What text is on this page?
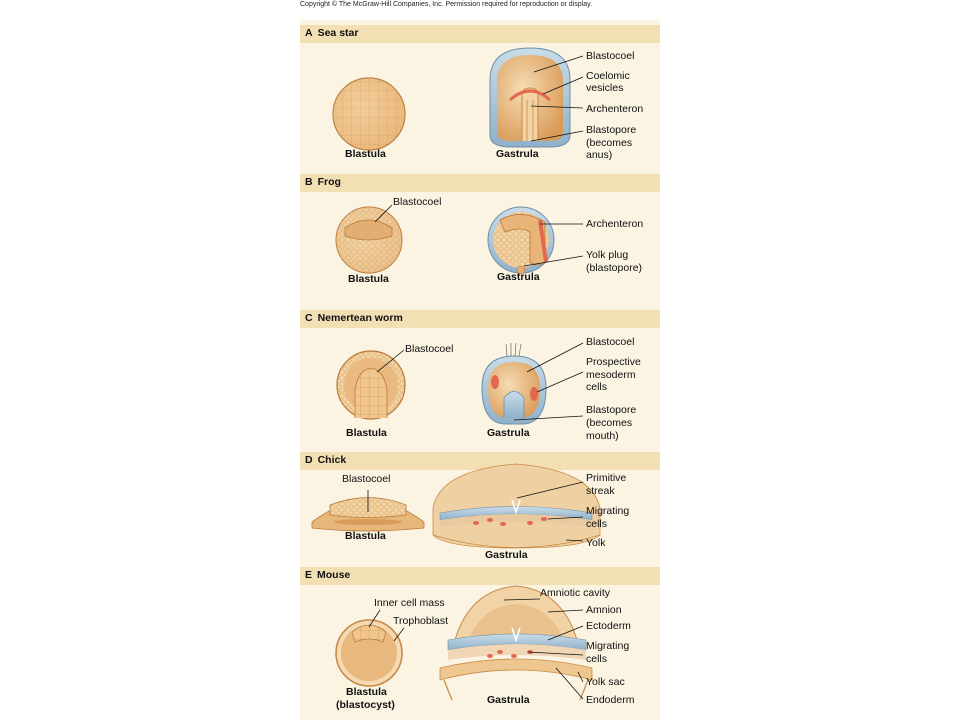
Copyright © The McGraw-Hill Companies, Inc. Permission required for reproduction or display.
A Sea star
B Frog
C Nemertean worm
D Chick
E Mouse
Blastula	Gastrula
Blastocoel
Coelomic
vesicles
Archenteron
Blastopore
(becomes
anus)
Blastula	Gastrula
Blastocoel
Archenteron
Yolk plug
(blastopore)
Blastula	Gastrula
Blastocoel
Blastocoel
Prospective
mesoderm
cells
Blastopore
(becomes
mouth)
Blastula
Gastrula
Blastocoel	Primitive
streak
Migrating
cells
Yolk
Blastula
(blastocyst)	Gastrula
Inner cell mass
Trophoblast
Amniotic cavity
Amnion
Ectoderm
Migrating
cells
Yolk sac
Endoderm
